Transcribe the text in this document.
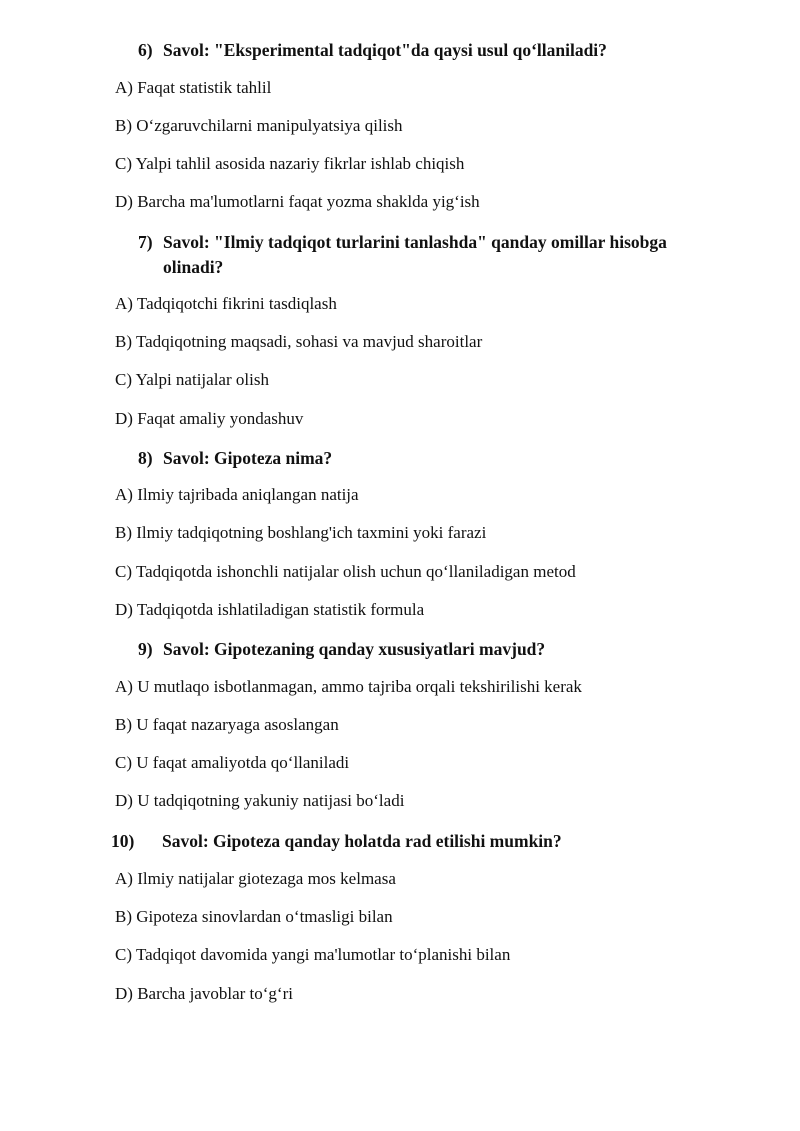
6) Savol: "Eksperimental tadqiqot"da qaysi usul qo‘llaniladi?
A) Faqat statistik tahlil
B) O‘zgaruvchilarni manipulyatsiya qilish
C) Yalpi tahlil asosida nazariy fikrlar ishlab chiqish
D) Barcha ma'lumotlarni faqat yozma shaklda yig‘ish
7) Savol: "Ilmiy tadqiqot turlarini tanlashda" qanday omillar hisobga olinadi?
A) Tadqiqotchi fikrini tasdiqlash
B) Tadqiqotning maqsadi, sohasi va mavjud sharoitlar
C) Yalpi natijalar olish
D) Faqat amaliy yondashuv
8) Savol: Gipoteza nima?
A) Ilmiy tajribada aniqlangan natija
B) Ilmiy tadqiqotning boshlang'ich taxmini yoki farazi
C) Tadqiqotda ishonchli natijalar olish uchun qo‘llaniladigan metod
D) Tadqiqotda ishlatiladigan statistik formula
9) Savol: Gipotezaning qanday xususiyatlari mavjud?
A) U mutlaqo isbotlanmagan, ammo tajriba orqali tekshirilishi kerak
B) U faqat nazaryaga asoslangan
C) U faqat amaliyotda qo‘llaniladi
D) U tadqiqotning yakuniy natijasi bo‘ladi
10) Savol: Gipoteza qanday holatda rad etilishi mumkin?
A) Ilmiy natijalar giotezaga mos kelmasa
B) Gipoteza sinovlardan o‘tmasligi bilan
C) Tadqiqot davomida yangi ma'lumotlar to‘planishi bilan
D) Barcha javoblar to‘g‘ri
